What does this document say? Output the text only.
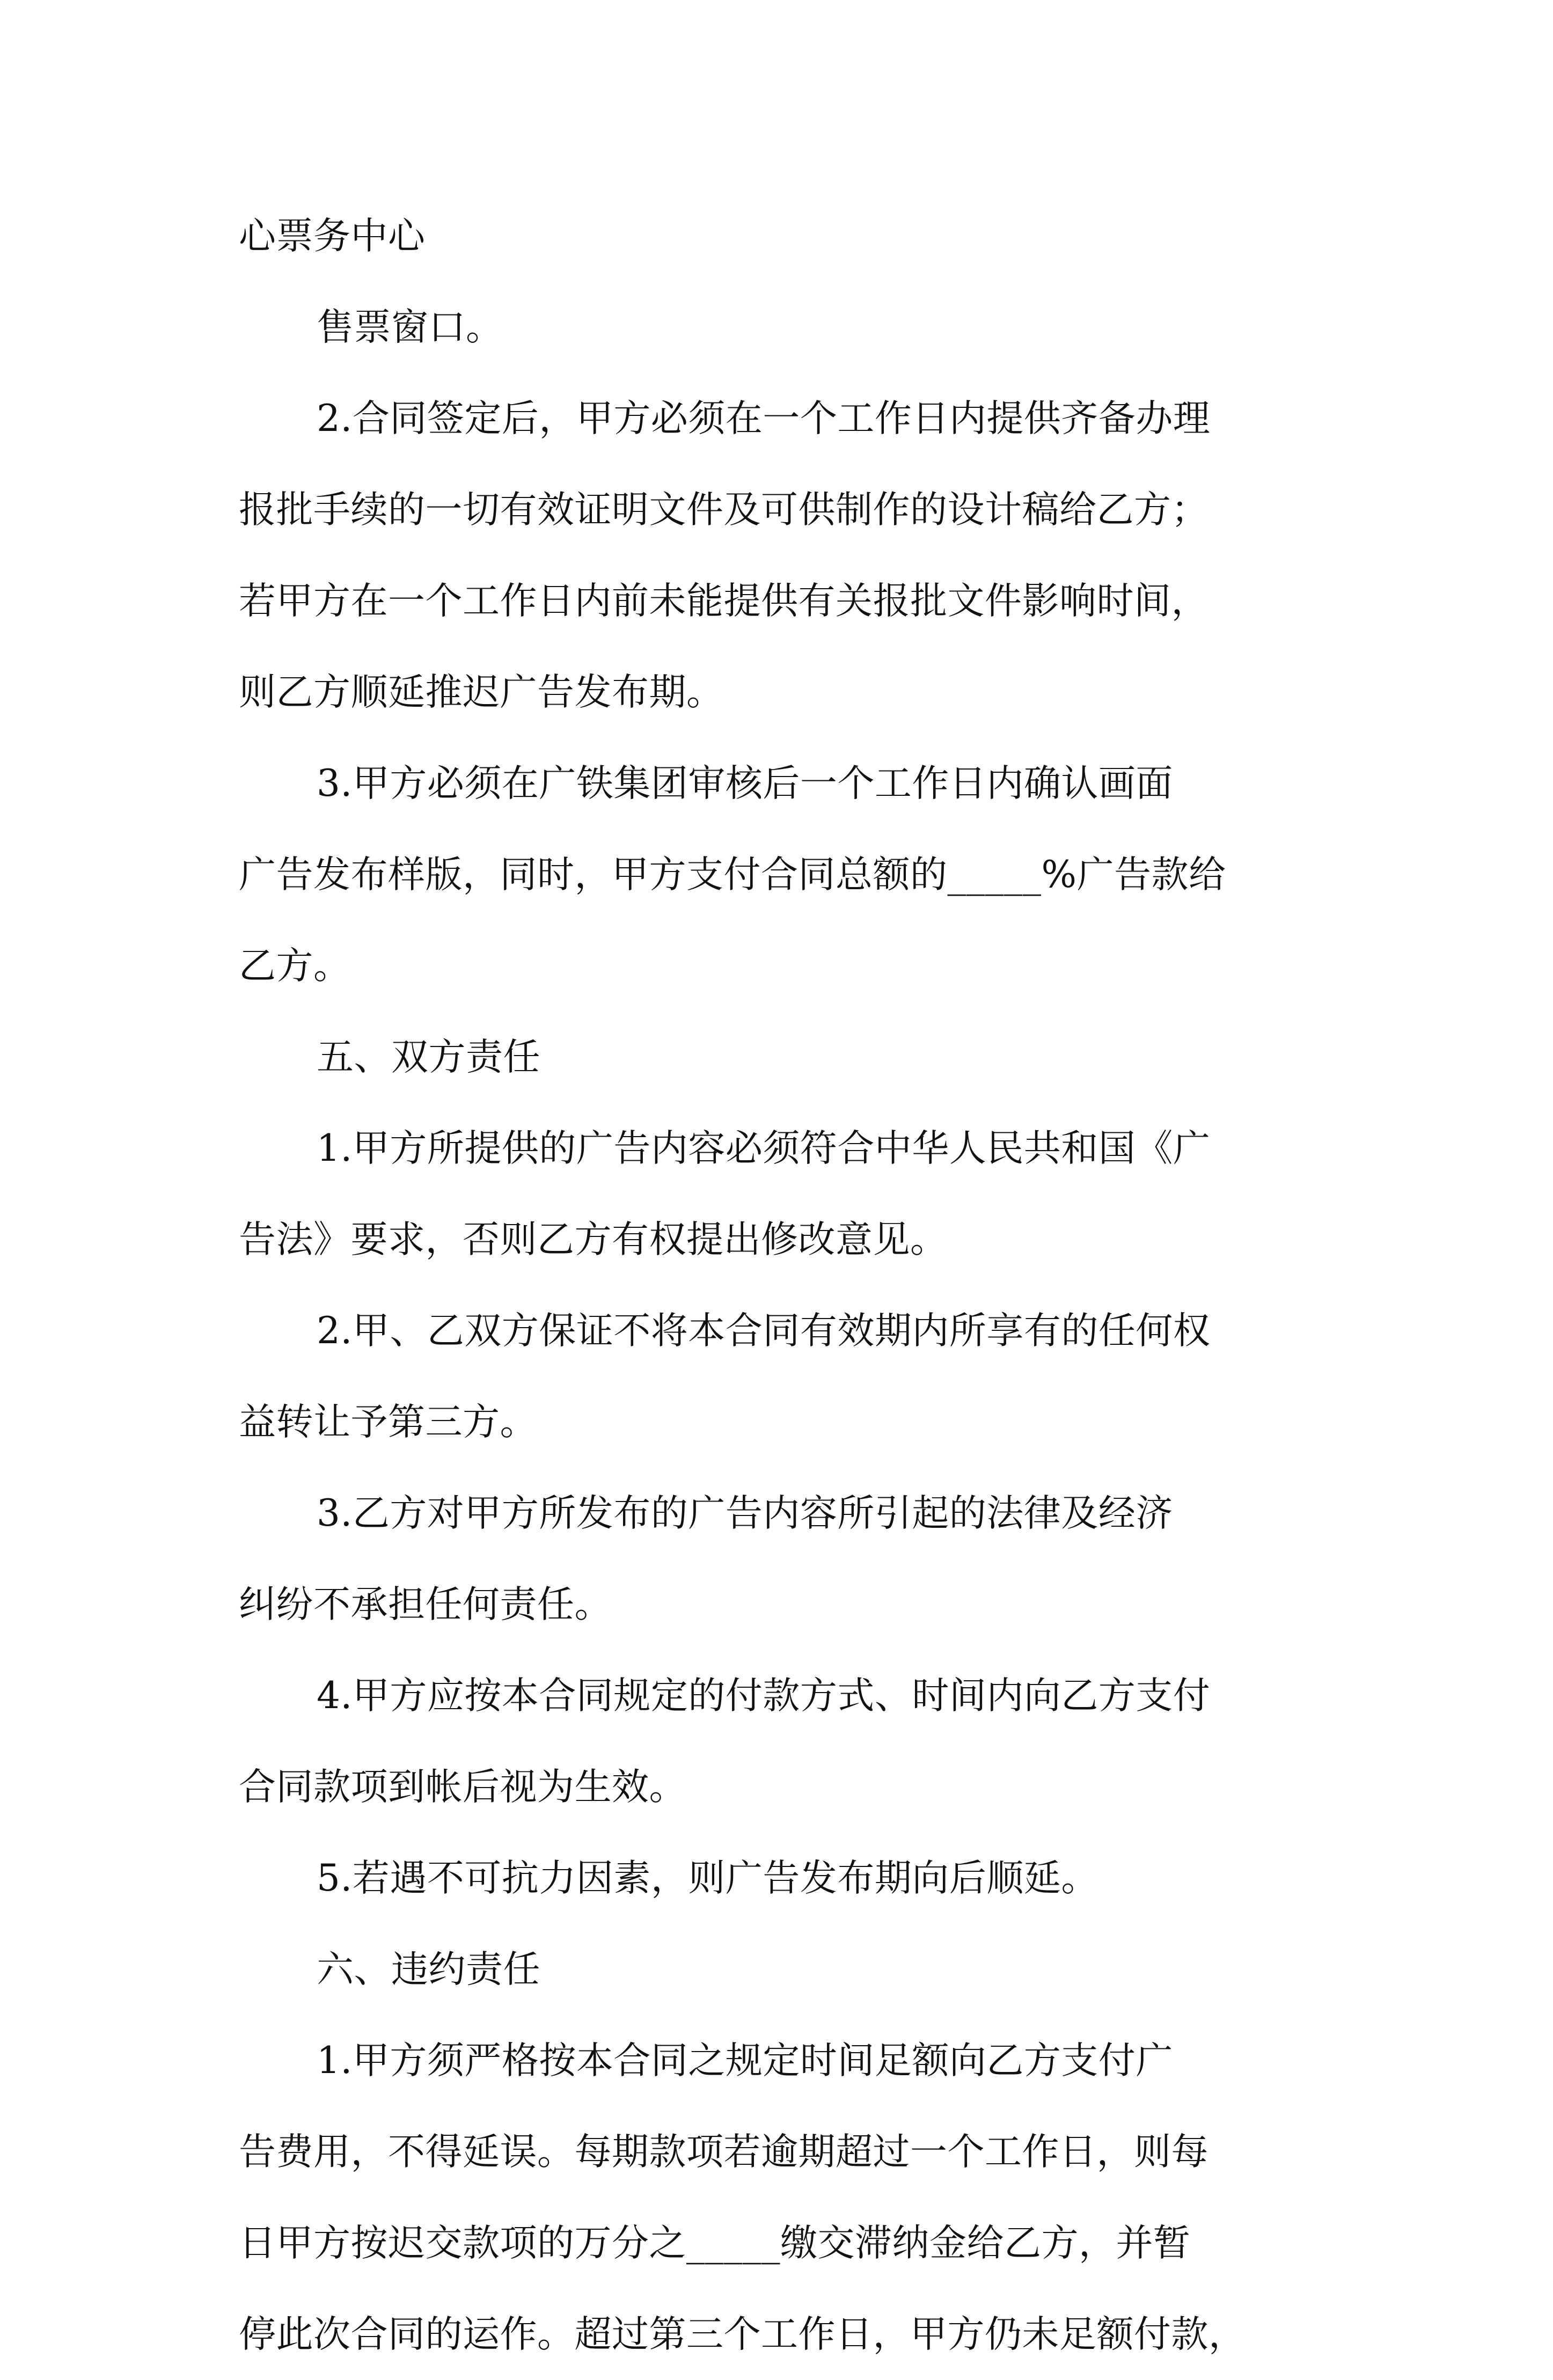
心票务中心
售票窗口。
2.合同签定后，甲方必须在一个工作日内提供齐备办理
报批手续的一切有效证明文件及可供制作的设计稿给乙方；
若甲方在一个工作日内前未能提供有关报批文件影响时间，
则乙方顺延推迟广告发布期。
3.甲方必须在广铁集团审核后一个工作日内确认画面
广告发布样版，同时，甲方支付合同总额的_____%广告款给
乙方。
五、双方责任
1.甲方所提供的广告内容必须符合中华人民共和国《广
告法》要求，否则乙方有权提出修改意见。
2.甲、乙双方保证不将本合同有效期内所享有的任何权
益转让予第三方。
3.乙方对甲方所发布的广告内容所引起的法律及经济
纠纷不承担任何责任。
4.甲方应按本合同规定的付款方式、时间内向乙方支付
合同款项到帐后视为生效。
5.若遇不可抗力因素，则广告发布期向后顺延。
六、违约责任
1.甲方须严格按本合同之规定时间足额向乙方支付广
告费用，不得延误。每期款项若逾期超过一个工作日，则每
日甲方按迟交款项的万分之_____缴交滞纳金给乙方，并暂
停此次合同的运作。超过第三个工作日，甲方仍未足额付款，
